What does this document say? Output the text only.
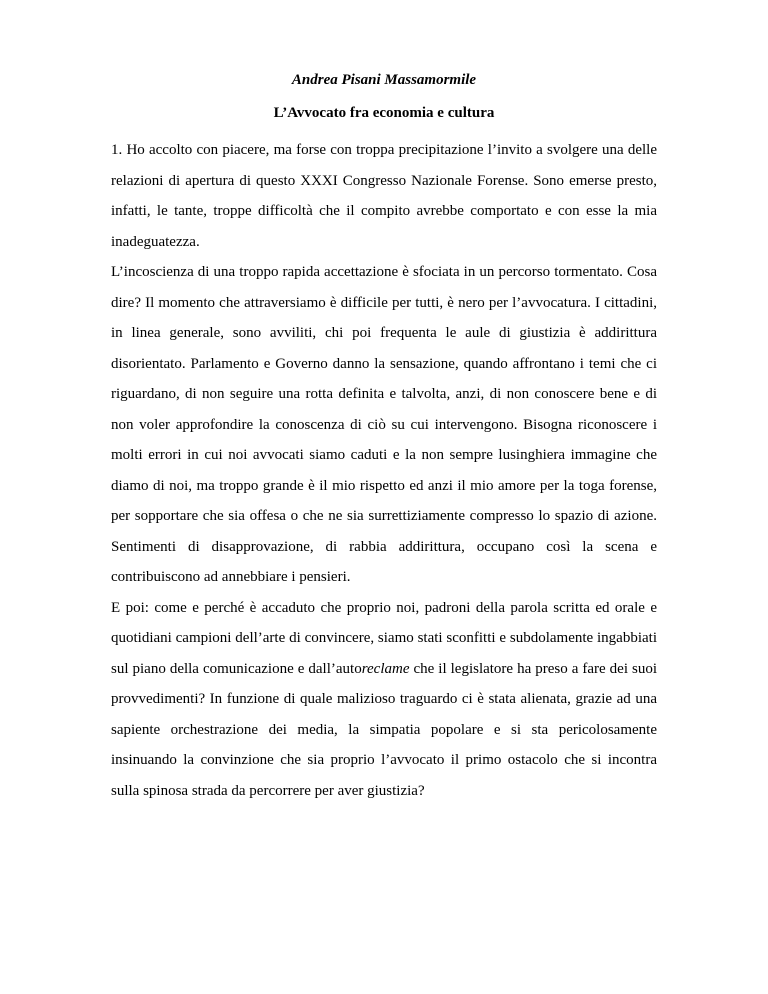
Andrea Pisani Massamormile

L’Avvocato fra economia e cultura

1. Ho accolto con piacere, ma forse con troppa precipitazione l’invito a svolgere una delle relazioni di apertura di questo XXXI Congresso Nazionale Forense. Sono emerse presto, infatti, le tante, troppe difficoltà che il compito avrebbe comportato e con esse la mia inadeguatezza.

L’incoscienza di una troppo rapida accettazione è sfociata in un percorso tormentato. Cosa dire? Il momento che attraversiamo è difficile per tutti, è nero per l’avvocatura. I cittadini, in linea generale, sono avviliti, chi poi frequenta le aule di giustizia è addirittura disorientato. Parlamento e Governo danno la sensazione, quando affrontano i temi che ci riguardano, di non seguire una rotta definita e talvolta, anzi, di non conoscere bene e di non voler approfondire la conoscenza di ciò su cui intervengono. Bisogna riconoscere i molti errori in cui noi avvocati siamo caduti e la non sempre lusinghiera immagine che diamo di noi, ma troppo grande è il mio rispetto ed anzi il mio amore per la toga forense, per sopportare che sia offesa o che ne sia surrettiziamente compresso lo spazio di azione. Sentimenti di disapprovazione, di rabbia addirittura, occupano così la scena e contribuiscono ad annebbiare i pensieri.

E poi: come e perché è accaduto che proprio noi, padroni della parola scritta ed orale e quotidiani campioni dell’arte di convincere, siamo stati sconfitti e subdolamente ingabbiati sul piano della comunicazione e dall’autoreclame che il legislatore ha preso a fare dei suoi provvedimenti? In funzione di quale malizioso traguardo ci è stata alienata, grazie ad una sapiente orchestrazione dei media, la simpatia popolare e si sta pericolosamente insinuando la convinzione che sia proprio l’avvocato il primo ostacolo che si incontra sulla spinosa strada da percorrere per aver giustizia?
